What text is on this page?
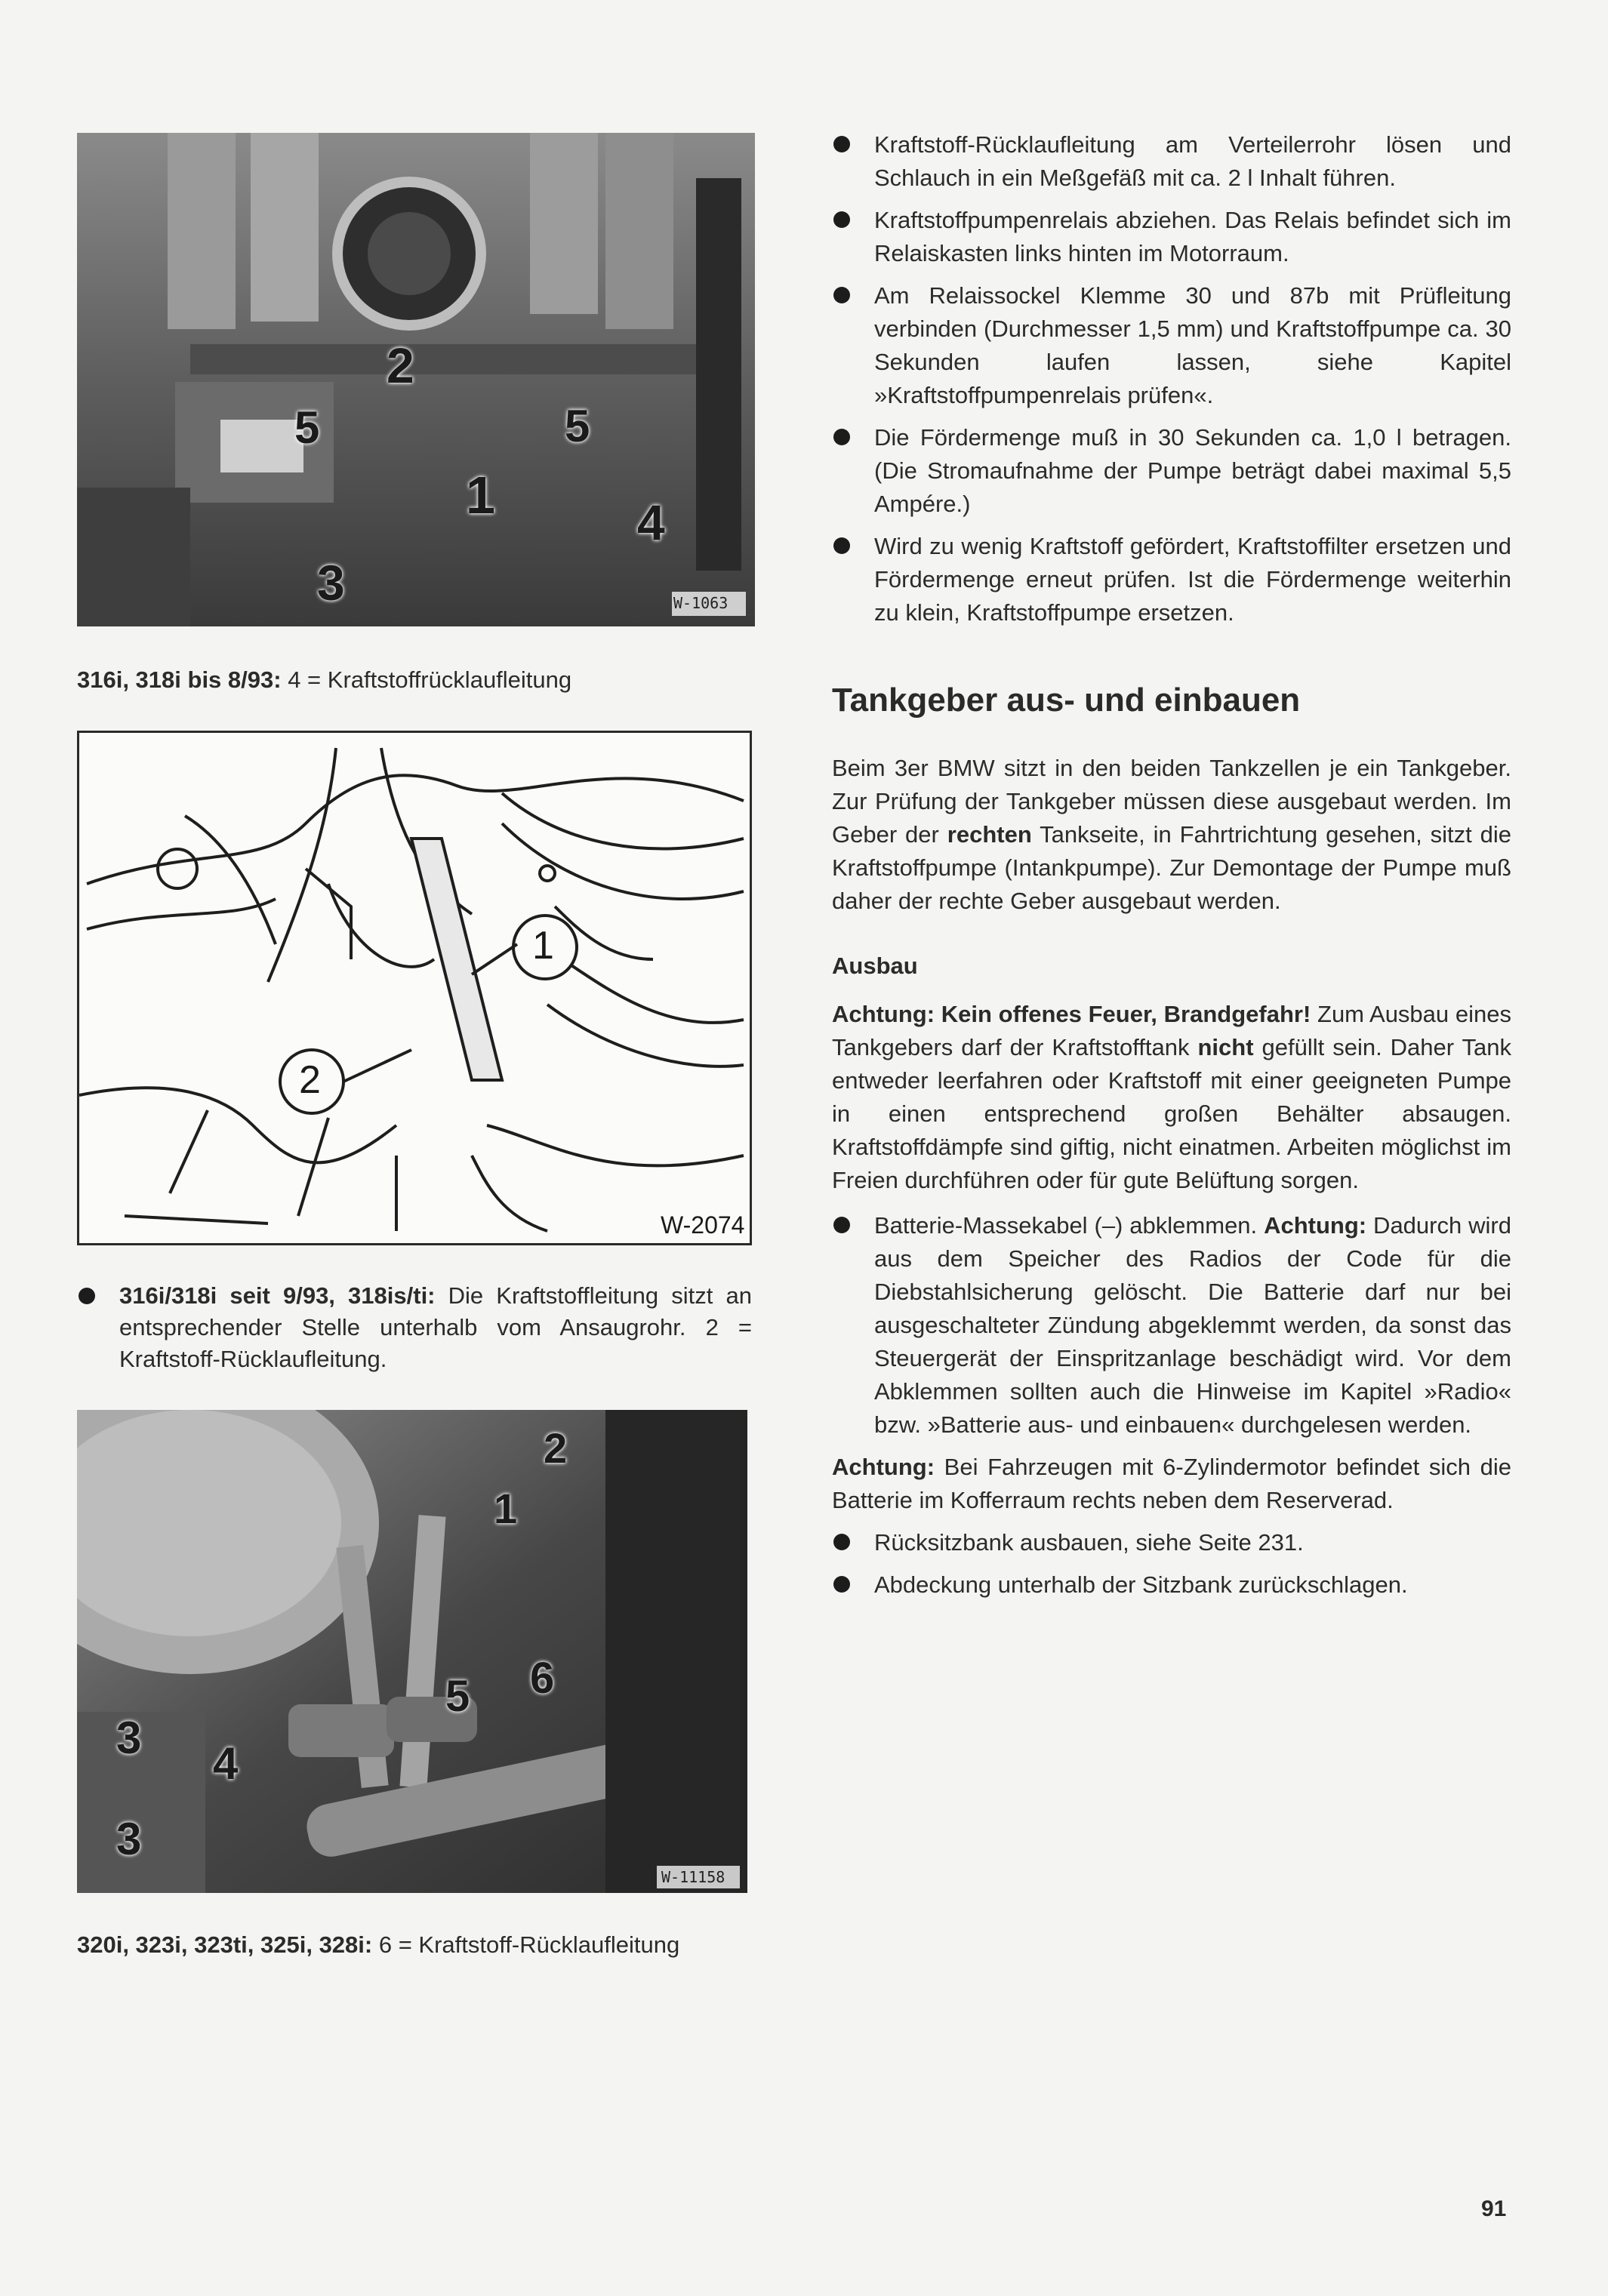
W-1063
1
2
3
4
5	5
316i, 318i bis 8/93: 4 = Kraftstoffrücklaufleitung
1
2
W-2074
316i/318i seit 9/93, 318is/ti: Die Kraftstoffleitung sitzt an entsprechender Stelle unterhalb vom Ansaugrohr. 2 = Kraftstoff-Rücklaufleitung.
W-11158
1
2
3
3
4
5 6
320i, 323i, 323ti, 325i, 328i: 6 = Kraftstoff-Rücklaufleitung
Kraftstoff-Rücklaufleitung am Verteilerrohr lösen und Schlauch in ein Meßgefäß mit ca. 2 l Inhalt führen.
Kraftstoffpumpenrelais abziehen. Das Relais befindet sich im Relaiskasten links hinten im Motorraum.
Am Relaissockel Klemme 30 und 87b mit Prüfleitung verbinden (Durchmesser 1,5 mm) und Kraftstoffpumpe ca. 30 Sekunden laufen lassen, siehe Kapitel »Kraftstoffpumpenrelais prüfen«.
Die Fördermenge muß in 30 Sekunden ca. 1,0 l betragen. (Die Stromaufnahme der Pumpe beträgt dabei maximal 5,5 Ampére.)
Wird zu wenig Kraftstoff gefördert, Kraftstoffilter ersetzen und Fördermenge erneut prüfen. Ist die Fördermenge weiterhin zu klein, Kraftstoffpumpe ersetzen.
Tankgeber aus- und einbauen

Beim 3er BMW sitzt in den beiden Tankzellen je ein Tankgeber. Zur Prüfung der Tankgeber müssen diese ausgebaut werden. Im Geber der rechten Tankseite, in Fahrtrichtung gesehen, sitzt die Kraftstoffpumpe (Intankpumpe). Zur Demontage der Pumpe muß daher der rechte Geber ausgebaut werden.

Ausbau

Achtung: Kein offenes Feuer, Brandgefahr! Zum Ausbau eines Tankgebers darf der Kraftstofftank nicht gefüllt sein. Daher Tank entweder leerfahren oder Kraftstoff mit einer geeigneten Pumpe in einen entsprechend großen Behälter absaugen. Kraftstoffdämpfe sind giftig, nicht einatmen. Arbeiten möglichst im Freien durchführen oder für gute Belüftung sorgen.

Batterie-Massekabel (–) abklemmen. Achtung: Dadurch wird aus dem Speicher des Radios der Code für die Diebstahlsicherung gelöscht. Die Batterie darf nur bei ausgeschalteter Zündung abgeklemmt werden, da sonst das Steuergerät der Einspritzanlage beschädigt wird. Vor dem Abklemmen sollten auch die Hinweise im Kapitel »Radio« bzw. »Batterie aus- und einbauen« durchgelesen werden.

Achtung: Bei Fahrzeugen mit 6-Zylindermotor befindet sich die Batterie im Kofferraum rechts neben dem Reserverad.

Rücksitzbank ausbauen, siehe Seite 231.
Abdeckung unterhalb der Sitzbank zurückschlagen.
91
